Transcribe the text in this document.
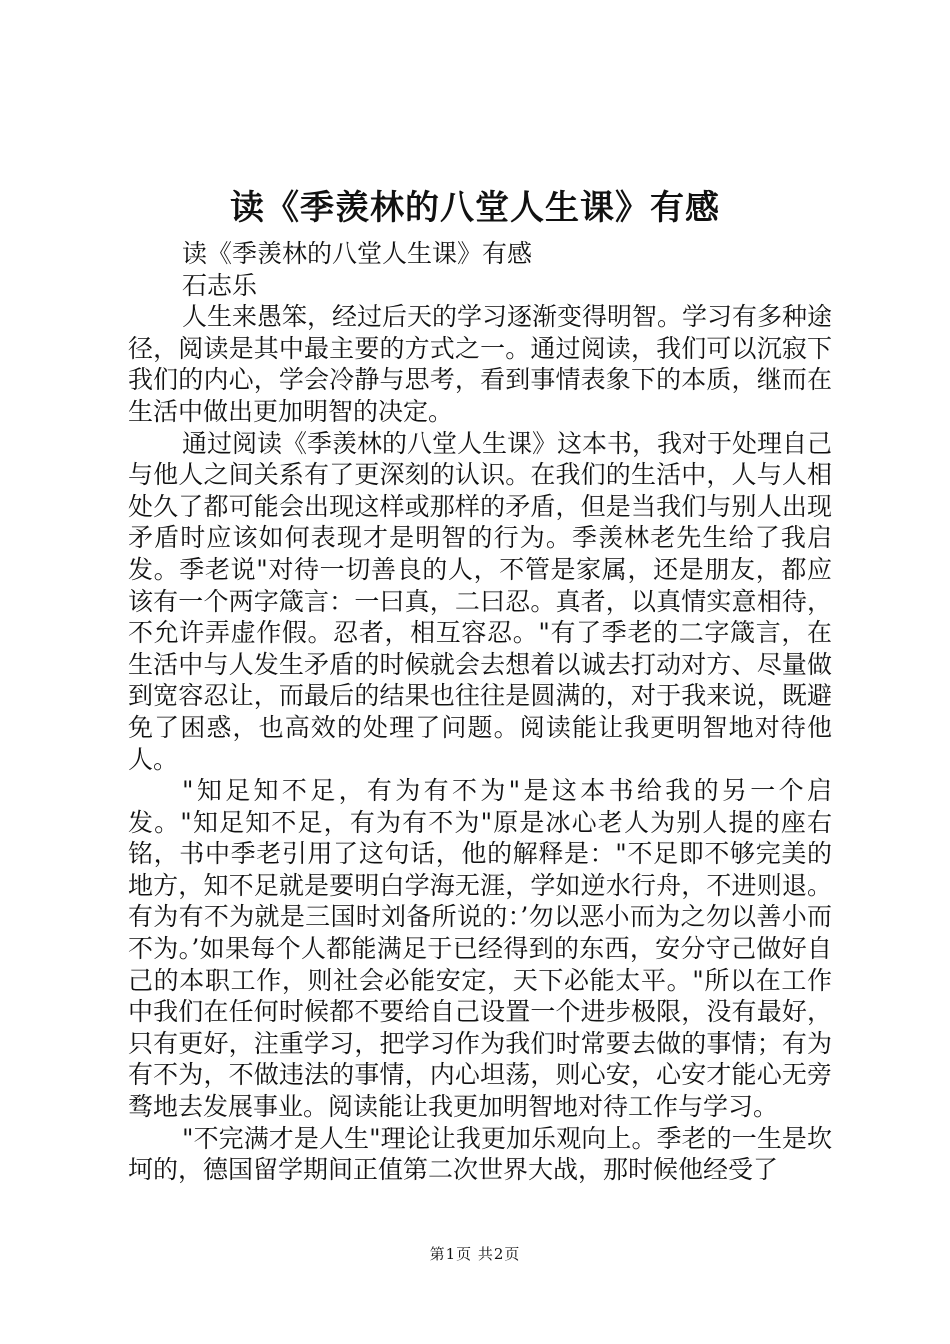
读《季羡林的八堂人生课》有感

读《季羡林的八堂人生课》有感

石志乐

人生来愚笨，经过后天的学习逐渐变得明智。学习有多种途径，阅读是其中最主要的方式之一。通过阅读，我们可以沉寂下我们的内心，学会冷静与思考，看到事情表象下的本质，继而在生活中做出更加明智的决定。

通过阅读《季羡林的八堂人生课》这本书，我对于处理自己与他人之间关系有了更深刻的认识。在我们的生活中，人与人相处久了都可能会出现这样或那样的矛盾，但是当我们与别人出现矛盾时应该如何表现才是明智的行为。季羡林老先生给了我启发。季老说"对待一切善良的人，不管是家属，还是朋友，都应该有一个两字箴言：一曰真，二曰忍。真者，以真情实意相待，不允许弄虚作假。忍者，相互容忍。"有了季老的二字箴言，在生活中与人发生矛盾的时候就会去想着以诚去打动对方、尽量做到宽容忍让，而最后的结果也往往是圆满的，对于我来说，既避免了困惑，也高效的处理了问题。阅读能让我更明智地对待他人。

"知足知不足，有为有不为"是这本书给我的另一个启发。"知足知不足，有为有不为"原是冰心老人为别人提的座右铭，书中季老引用了这句话，他的解释是："不足即不够完美的地方，知不足就是要明白学海无涯，学如逆水行舟，不进则退。有为有不为就是三国时刘备所说的：’勿以恶小而为之勿以善小而不为。’如果每个人都能满足于已经得到的东西，安分守己做好自己的本职工作，则社会必能安定，天下必能太平。"所以在工作中我们在任何时候都不要给自己设置一个进步极限，没有最好，只有更好，注重学习，把学习作为我们时常要去做的事情；有为有不为，不做违法的事情，内心坦荡，则心安，心安才能心无旁骛地去发展事业。阅读能让我更加明智地对待工作与学习。

"不完满才是人生"理论让我更加乐观向上。季老的一生是坎坷的，德国留学期间正值第二次世界大战，那时候他经受了

第1页 共2页
